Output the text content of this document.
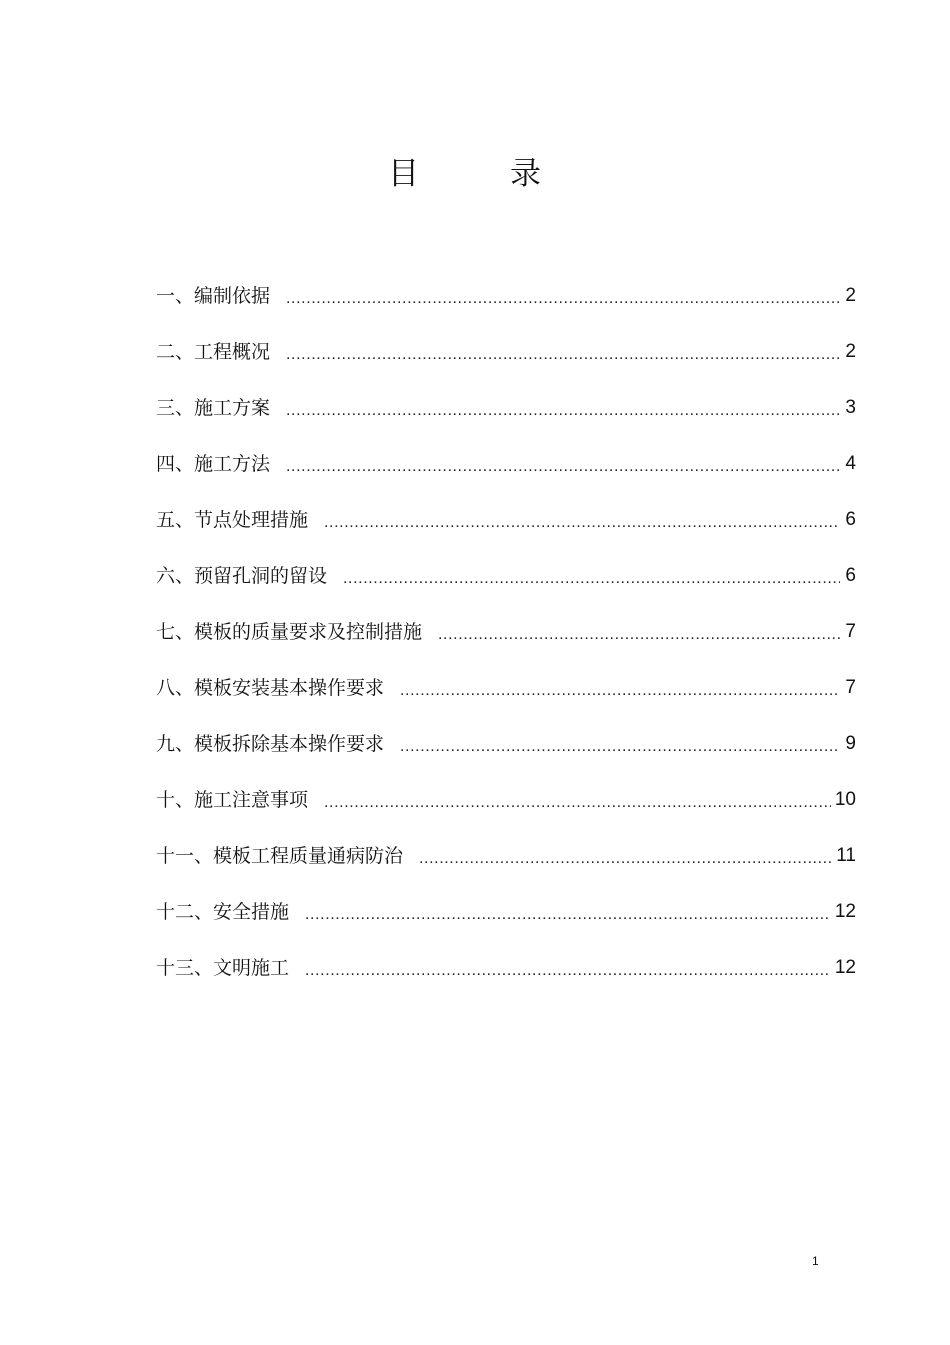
目	录
一、编制依据 .....	2
二、工程概况 .....	2
三、施工方案 .....	3
四、施工方法 .....	4
五、节点处理措施 .....	6
六、预留孔洞的留设 .....	6
七、模板的质量要求及控制措施 .....	7
八、模板安装基本操作要求 .....	7
九、模板拆除基本操作要求 .....	9
十、施工注意事项 .....	10
十一、模板工程质量通病防治 .....	11
十二、安全措施 .....	12
十三、文明施工 .....	12
1
